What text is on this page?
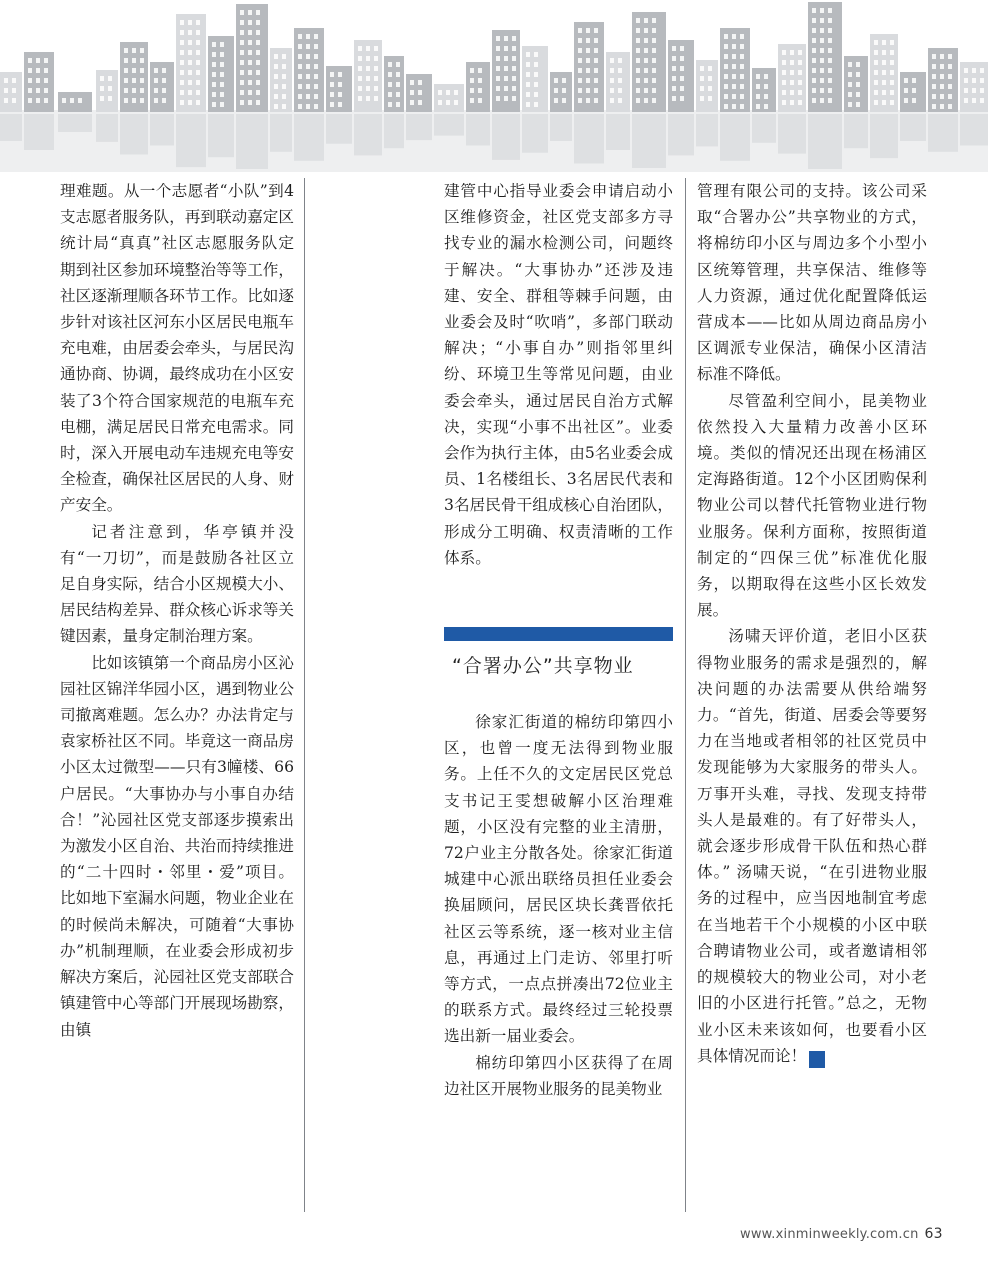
理难题。从一个志愿者“小队”到4支志愿者服务队，再到联动嘉定区统计局“真真”社区志愿服务队定期到社区参加环境整治等等工作，社区逐渐理顺各环节工作。比如逐步针对该社区河东小区居民电瓶车充电难，由居委会牵头，与居民沟通协商、协调，最终成功在小区安装了3个符合国家规范的电瓶车充电棚，满足居民日常充电需求。同时，深入开展电动车违规充电等安全检查，确保社区居民的人身、财产安全。

记者注意到，华亭镇并没有“一刀切”，而是鼓励各社区立足自身实际，结合小区规模大小、居民结构差异、群众核心诉求等关键因素，量身定制治理方案。

比如该镇第一个商品房小区沁园社区锦洋华园小区，遇到物业公司撤离难题。怎么办？办法肯定与袁家桥社区不同。毕竟这一商品房小区太过微型——只有3幢楼、66户居民。“大事协办与小事自办结合！”沁园社区党支部逐步摸索出为激发小区自治、共治而持续推进的“二十四时・邻里・爱”项目。比如地下室漏水问题，物业企业在的时候尚未解决，可随着“大事协办”机制理顺，在业委会形成初步解决方案后，沁园社区党支部联合镇建管中心等部门开展现场勘察，由镇

建管中心指导业委会申请启动小区维修资金，社区党支部多方寻找专业的漏水检测公司，问题终于解决。“大事协办”还涉及违建、安全、群租等棘手问题，由业委会及时“吹哨”，多部门联动解决；“小事自办”则指邻里纠纷、环境卫生等常见问题，由业委会牵头，通过居民自治方式解决，实现“小事不出社区”。业委会作为执行主体，由5名业委会成员、1名楼组长、3名居民代表和3名居民骨干组成核心自治团队，形成分工明确、权责清晰的工作体系。

“合署办公”共享物业

徐家汇街道的棉纺印第四小区，也曾一度无法得到物业服务。上任不久的文定居民区党总支书记王雯想破解小区治理难题，小区没有完整的业主清册，72户业主分散各处。徐家汇街道城建中心派出联络员担任业委会换届顾问，居民区块长龚晋依托社区云等系统，逐一核对业主信息，再通过上门走访、邻里打听等方式，一点点拼凑出72位业主的联系方式。最终经过三轮投票选出新一届业委会。

棉纺印第四小区获得了在周边社区开展物业服务的昆美物业

管理有限公司的支持。该公司采取“合署办公”共享物业的方式，将棉纺印小区与周边多个小型小区统筹管理，共享保洁、维修等人力资源，通过优化配置降低运营成本——比如从周边商品房小区调派专业保洁，确保小区清洁标准不降低。

尽管盈利空间小，昆美物业依然投入大量精力改善小区环境。类似的情况还出现在杨浦区定海路街道。12个小区团购保利物业公司以替代托管物业进行物业服务。保利方面称，按照街道制定的“四保三优”标准优化服务，以期取得在这些小区长效发展。

汤啸天评价道，老旧小区获得物业服务的需求是强烈的，解决问题的办法需要从供给端努力。“首先，街道、居委会等要努力在当地或者相邻的社区党员中发现能够为大家服务的带头人。万事开头难，寻找、发现支持带头人是最难的。有了好带头人，就会逐步形成骨干队伍和热心群体。” 汤啸天说，“在引进物业服务的过程中，应当因地制宜考虑在当地若干个小规模的小区中联合聘请物业公司，或者邀请相邻的规模较大的物业公司，对小老旧的小区进行托管。”总之，无物业小区未来该如何，也要看小区具体情况而论！	民

www.xinminweekly.com.cn 63
